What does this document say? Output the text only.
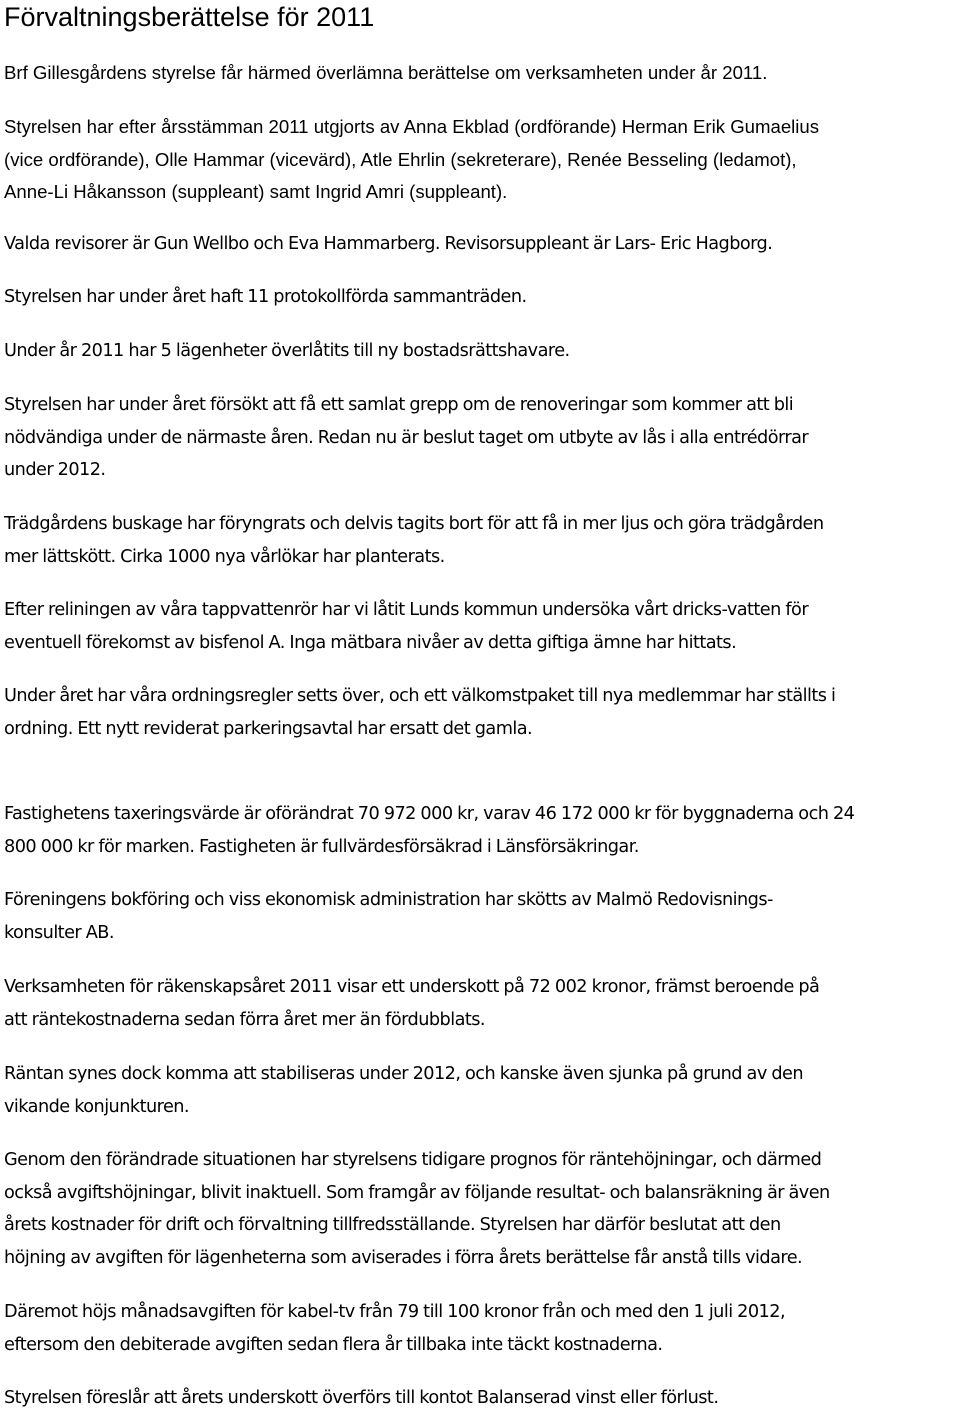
Förvaltningsberättelse för 2011

Brf Gillesgårdens styrelse får härmed överlämna berättelse om verksamheten under år 2011.

Styrelsen har efter årsstämman 2011 utgjorts av Anna Ekblad (ordförande) Herman Erik Gumaelius
(vice ordförande), Olle Hammar (vicevärd), Atle Ehrlin (sekreterare), Renée Besseling (ledamot),
Anne-Li Håkansson (suppleant) samt Ingrid Amri (suppleant).

Valda revisorer är Gun Wellbo och Eva Hammarberg. Revisorsuppleant är Lars- Eric Hagborg.

Styrelsen har under året haft 11 protokollförda sammanträden.

Under år 2011 har 5 lägenheter överlåtits till ny bostadsrättshavare.

Styrelsen har under året försökt att få ett samlat grepp om de renoveringar som kommer att bli
nödvändiga under de närmaste åren. Redan nu är beslut taget om utbyte av lås i alla entrédörrar
under 2012.

Trädgårdens buskage har föryngrats och delvis tagits bort för att få in mer ljus och göra trädgården
mer lättskött. Cirka 1000 nya vårlökar har planterats.

Efter reliningen av våra tappvattenrör har vi låtit Lunds kommun undersöka vårt dricks-vatten för
eventuell förekomst av bisfenol A. Inga mätbara nivåer av detta giftiga ämne har hittats.

Under året har våra ordningsregler setts över, och ett välkomstpaket till nya medlemmar har ställts i
ordning. Ett nytt reviderat parkeringsavtal har ersatt det gamla.

Fastighetens taxeringsvärde är oförändrat 70 972 000 kr, varav 46 172 000 kr för byggnaderna och 24
800 000 kr för marken. Fastigheten är fullvärdesförsäkrad i Länsförsäkringar.

Föreningens bokföring och viss ekonomisk administration har skötts av Malmö Redovisnings-
konsulter AB.

Verksamheten för räkenskapsåret 2011 visar ett underskott på 72 002 kronor, främst beroende på
att räntekostnaderna sedan förra året mer än fördubblats.

Räntan synes dock komma att stabiliseras under 2012, och kanske även sjunka på grund av den
vikande konjunkturen.

Genom den förändrade situationen har styrelsens tidigare prognos för räntehöjningar, och därmed
också avgiftshöjningar, blivit inaktuell. Som framgår av följande resultat- och balansräkning är även
årets kostnader för drift och förvaltning tillfredsställande. Styrelsen har därför beslutat att den
höjning av avgiften för lägenheterna som aviserades i förra årets berättelse får anstå tills vidare.

Däremot höjs månadsavgiften för kabel-tv från 79 till 100 kronor från och med den 1 juli 2012,
eftersom den debiterade avgiften sedan flera år tillbaka inte täckt kostnaderna.

Styrelsen föreslår att årets underskott överförs till kontot Balanserad vinst eller förlust.
